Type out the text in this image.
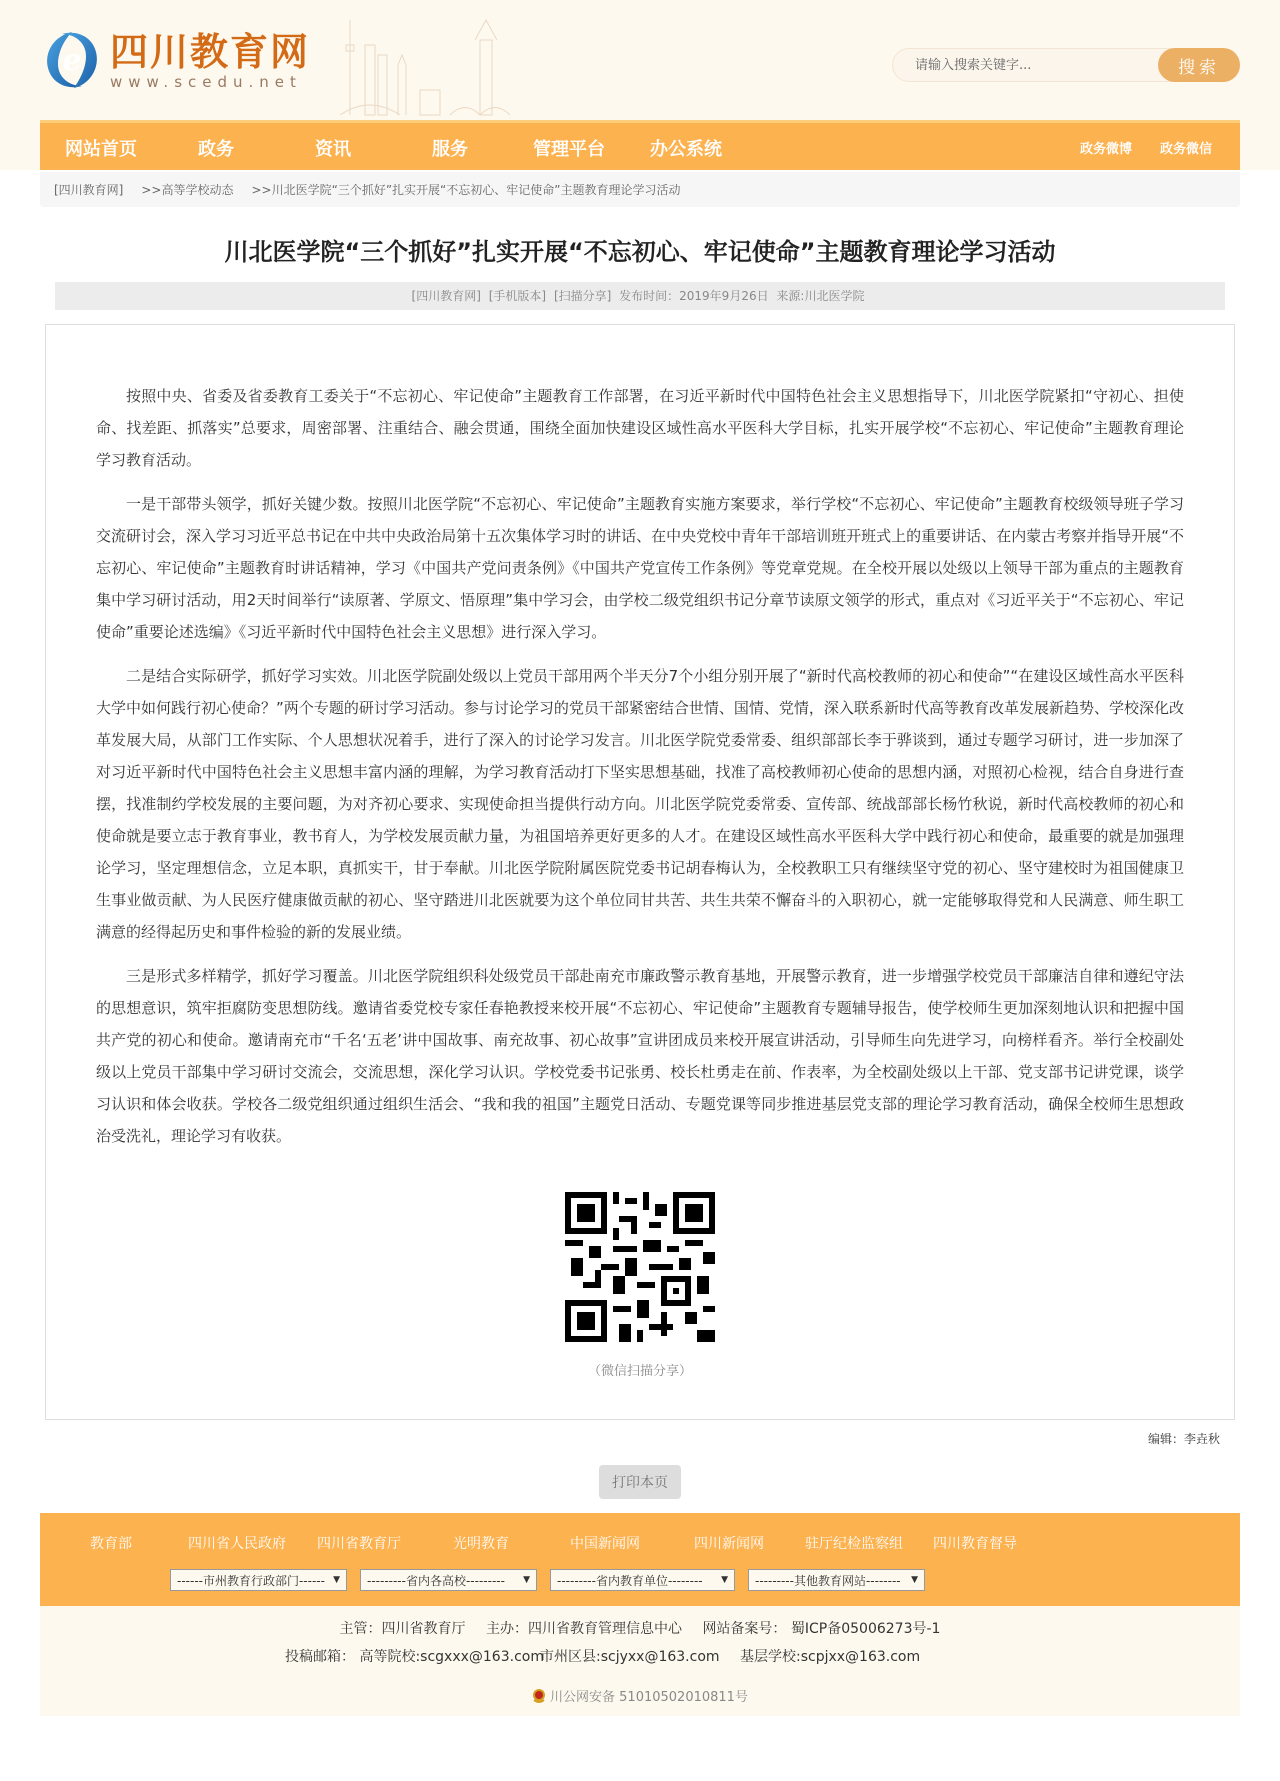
e 四川教育网
www.scedu.net
请输入搜索关键字...
搜索
网站首页	政务	资讯	服务	管理平台	办公系统	政务微博 政务微信
[四川教育网] >>高等学校动态 >>川北医学院“三个抓好”扎实开展“不忘初心、牢记使命”主题教育理论学习活动
川北医学院“三个抓好”扎实开展“不忘初心、牢记使命”主题教育理论学习活动
[四川教育网] [手机版本] [扫描分享] 发布时间：2019年9月26日 来源:川北医学院

按照中央、省委及省委教育工委关于“不忘初心、牢记使命”主题教育工作部署，在习近平新时代中国特色社会主义思想指导下，川北医学院紧扣“守初心、担使命、找差距、抓落实”总要求，周密部署、注重结合、融会贯通，围绕全面加快建设区域性高水平医科大学目标，扎实开展学校“不忘初心、牢记使命”主题教育理论学习教育活动。

一是干部带头领学，抓好关键少数。按照川北医学院“不忘初心、牢记使命”主题教育实施方案要求，举行学校“不忘初心、牢记使命”主题教育校级领导班子学习交流研讨会，深入学习习近平总书记在中共中央政治局第十五次集体学习时的讲话、在中央党校中青年干部培训班开班式上的重要讲话、在内蒙古考察并指导开展“不忘初心、牢记使命”主题教育时讲话精神，学习《中国共产党问责条例》《中国共产党宣传工作条例》等党章党规。在全校开展以处级以上领导干部为重点的主题教育集中学习研讨活动，用2天时间举行“读原著、学原文、悟原理”集中学习会，由学校二级党组织书记分章节读原文领学的形式，重点对《习近平关于“不忘初心、牢记使命”重要论述选编》《习近平新时代中国特色社会主义思想》进行深入学习。

二是结合实际研学，抓好学习实效。川北医学院副处级以上党员干部用两个半天分7个小组分别开展了“新时代高校教师的初心和使命”“在建设区域性高水平医科大学中如何践行初心使命？”两个专题的研讨学习活动。参与讨论学习的党员干部紧密结合世情、国情、党情，深入联系新时代高等教育改革发展新趋势、学校深化改革发展大局，从部门工作实际、个人思想状况着手，进行了深入的讨论学习发言。川北医学院党委常委、组织部部长李于骅谈到，通过专题学习研讨，进一步加深了对习近平新时代中国特色社会主义思想丰富内涵的理解，为学习教育活动打下坚实思想基础，找准了高校教师初心使命的思想内涵，对照初心检视，结合自身进行查摆，找准制约学校发展的主要问题，为对齐初心要求、实现使命担当提供行动方向。川北医学院党委常委、宣传部、统战部部长杨竹秋说，新时代高校教师的初心和使命就是要立志于教育事业，教书育人，为学校发展贡献力量，为祖国培养更好更多的人才。在建设区域性高水平医科大学中践行初心和使命，最重要的就是加强理论学习，坚定理想信念，立足本职，真抓实干，甘于奉献。川北医学院附属医院党委书记胡春梅认为，全校教职工只有继续坚守党的初心、坚守建校时为祖国健康卫生事业做贡献、为人民医疗健康做贡献的初心、坚守踏进川北医就要为这个单位同甘共苦、共生共荣不懈奋斗的入职初心，就一定能够取得党和人民满意、师生职工满意的经得起历史和事件检验的新的发展业绩。

三是形式多样精学，抓好学习覆盖。川北医学院组织科处级党员干部赴南充市廉政警示教育基地，开展警示教育，进一步增强学校党员干部廉洁自律和遵纪守法的思想意识，筑牢拒腐防变思想防线。邀请省委党校专家任春艳教授来校开展“不忘初心、牢记使命”主题教育专题辅导报告，使学校师生更加深刻地认识和把握中国共产党的初心和使命。邀请南充市“千名‘五老’讲中国故事、南充故事、初心故事”宣讲团成员来校开展宣讲活动，引导师生向先进学习，向榜样看齐。举行全校副处级以上党员干部集中学习研讨交流会，交流思想，深化学习认识。学校党委书记张勇、校长杜勇走在前、作表率，为全校副处级以上干部、党支部书记讲党课，谈学习认识和体会收获。学校各二级党组织通过组织生活会、“我和我的祖国”主题党日活动、专题党课等同步推进基层党支部的理论学习教育活动，确保全校师生思想政治受洗礼，理论学习有收获。

（微信扫描分享）
编辑：李垚秋
打印本页
教育部	四川省人民政府 四川省教育厅	光明教育	中国新闻网	四川新闻网	驻厅纪检监察组 四川教育督导
------市州教育行政部门------ ▼ ---------省内各高校--------- ▼ ---------省内教育单位-------- ▼ ---------其他教育网站-------- ▼
主管：四川省教育厅 主办：四川省教育管理信息中心 网站备案号： 蜀ICP备05006273号-1
投稿邮箱： 高等院校:scgxxx@163.com
市州区县:scjyxx@163.com 基层学校:scpjxx@163.com
川公网安备 51010502010811号
